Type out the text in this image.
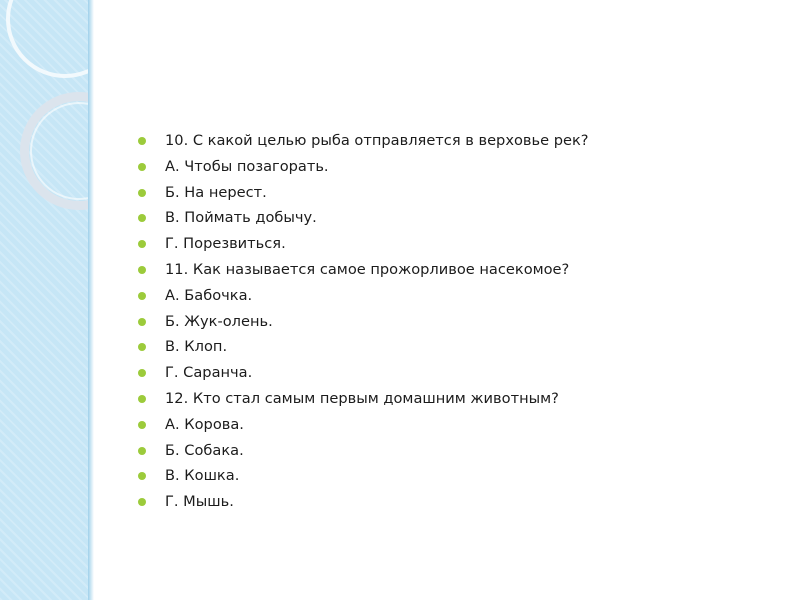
10. С какой целью рыба отправляется в верховье рек?
А. Чтобы позагорать.
Б. На нерест.
В. Поймать добычу.
Г. Порезвиться.
11. Как называется самое прожорливое насекомое?
А. Бабочка.
Б. Жук-олень.
В. Клоп.
Г. Саранча.
12. Кто стал самым первым домашним животным?
А. Корова.
Б. Собака.
В. Кошка.
Г. Мышь.
